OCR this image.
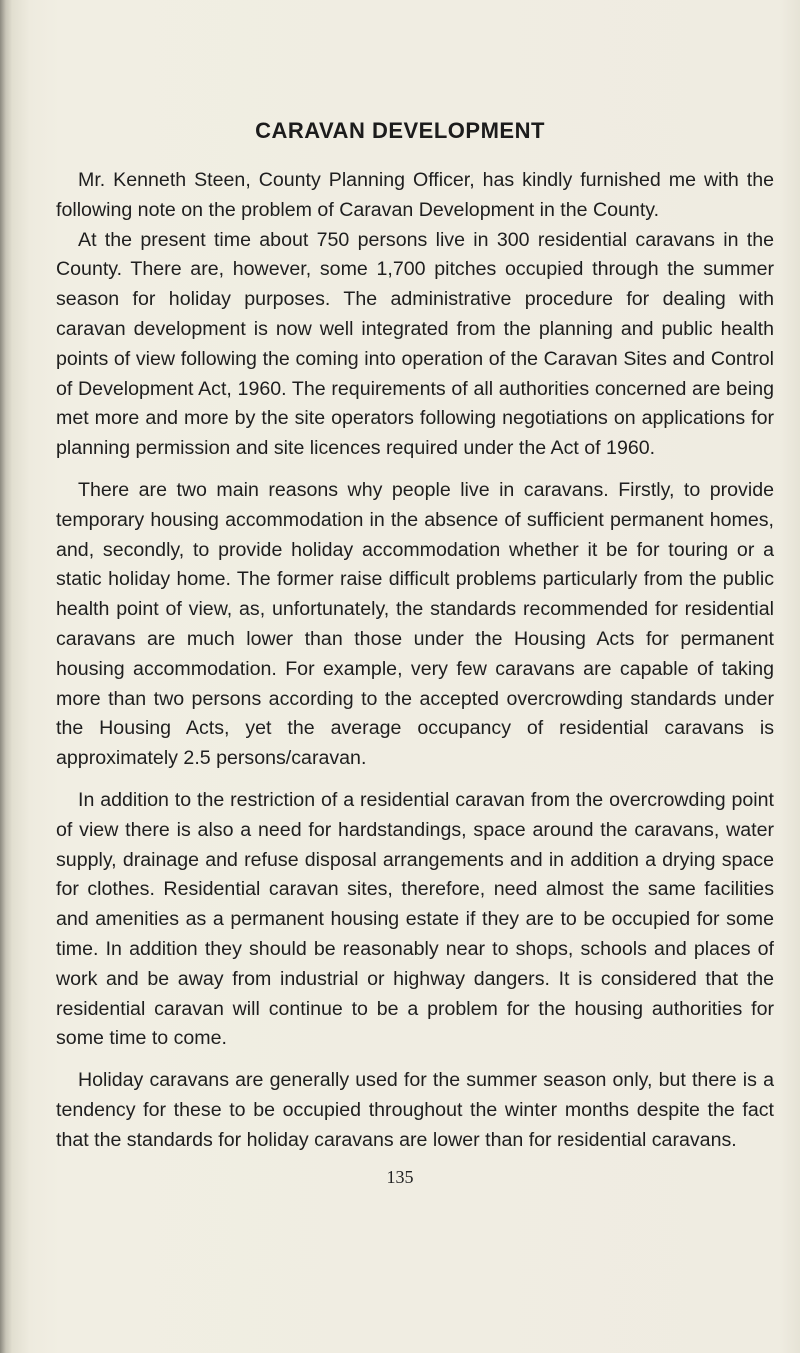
CARAVAN DEVELOPMENT

Mr. Kenneth Steen, County Planning Officer, has kindly furnished me with the following note on the problem of Caravan Development in the County.

At the present time about 750 persons live in 300 residential caravans in the County. There are, however, some 1,700 pitches occupied through the summer season for holiday purposes. The administrative procedure for dealing with caravan development is now well integrated from the planning and public health points of view following the coming into operation of the Caravan Sites and Control of Development Act, 1960. The requirements of all authorities concerned are being met more and more by the site operators following negotiations on applications for planning permission and site licences required under the Act of 1960.

There are two main reasons why people live in caravans. Firstly, to provide temporary housing accommodation in the absence of sufficient permanent homes, and, secondly, to provide holiday accommodation whether it be for touring or a static holiday home. The former raise difficult problems particularly from the public health point of view, as, unfortunately, the standards recommended for residential caravans are much lower than those under the Housing Acts for permanent housing accommodation. For example, very few caravans are capable of taking more than two persons according to the accepted overcrowding standards under the Housing Acts, yet the average occupancy of residential caravans is approximately 2.5 persons/caravan.

In addition to the restriction of a residential caravan from the overcrowding point of view there is also a need for hardstandings, space around the caravans, water supply, drainage and refuse disposal arrangements and in addition a drying space for clothes. Residential caravan sites, therefore, need almost the same facilities and amenities as a permanent housing estate if they are to be occupied for some time. In addition they should be reasonably near to shops, schools and places of work and be away from industrial or highway dangers. It is considered that the residential caravan will continue to be a problem for the housing authorities for some time to come.

Holiday caravans are generally used for the summer season only, but there is a tendency for these to be occupied throughout the winter months despite the fact that the standards for holiday caravans are lower than for residential caravans.

135
